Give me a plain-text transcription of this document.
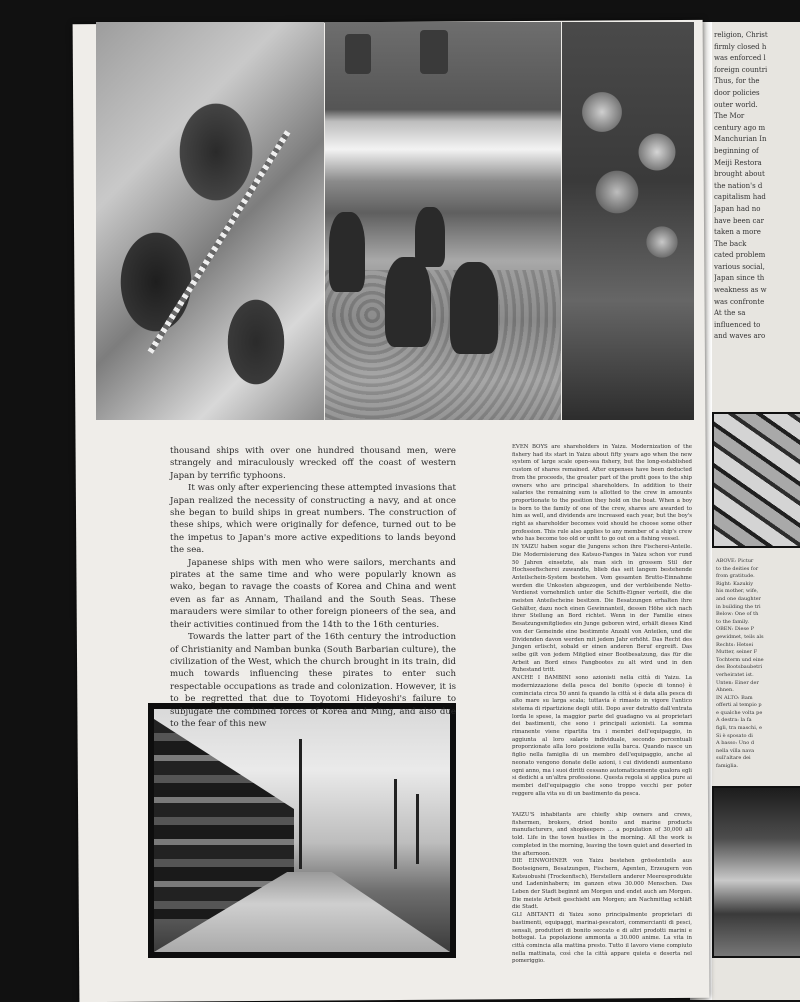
thousand ships with over one hundred thousand men, were strangely and miraculously wrecked off the coast of western Japan by terrific typhoons.

It was only after experiencing these attempted invasions that Japan realized the necessity of constructing a navy, and at once she began to build ships in great numbers. The construction of these ships, which were originally for defence, turned out to be the impetus to Japan's more active expeditions to lands beyond the sea.

Japanese ships with men who were sailors, merchants and pirates at the same time and who were popularly known as wako, began to ravage the coasts of Korea and China and went even as far as Annam, Thailand and the South Seas. These marauders were similar to other foreign pioneers of the sea, and their activities continued from the 14th to the 16th centuries.

Towards the latter part of the 16th century the introduction of Christianity and Namban bunka (South Barbarian culture), the civilization of the West, which the church brought in its train, did much towards influencing these pirates to enter such respectable occupations as trade and colonization. However, it is to be regretted that due to Toyotomi Hideyoshi's failure to subjugate the combined forces of Korea and Ming, and also due to the fear of this new

EVEN BOYS are shareholders in Yaizu. Modernization of the fishery had its start in Yaizu about fifty years ago when the new system of large scale open-sea fishery, but the long-established custom of shares remained. After expenses have been deducted from the proceeds, the greater part of the profit goes to the ship owners who are principal shareholders. In addition to their salaries the remaining sum is allotted to the crew in amounts proportionate to the position they hold on the boat. When a boy is born to the family of one of the crew, shares are awarded to him as well, and dividends are increased each year, but the boy's right as shareholder becomes void should he choose some other profession. This rule also applies to any member of a ship's crew who has become too old or unfit to go out on a fishing vessel.

IN YAIZU haben sogar die Jungens schon ihre Fischerei-Anteile. Die Modernisierung des Katsuo-Fanges in Yaizu schon vor rund 50 Jahren einsetzte, als man sich in grossem Stil der Hochseefischerei zuwandte, blieb das seit langem bestehende Anteilschein-System bestehen. Vom gesamten Brutto-Einnahme werden die Unkosten abgezogen, und der verbleibende Netto-Verdienst vornehmlich unter die Schiffs-Eigner verteilt, die die meisten Anteilscheine besitzen. Die Besatzungen erhalten ihre Gehälter, dazu noch einen Gewinnanteil, dessen Höhe sich nach ihrer Stellung an Bord richtet. Wenn in der Familie eines Besatzungsmitgliedes ein Junge geboren wird, erhält dieses Kind von der Gemeinde eine bestimmte Anzahl von Anteilen, und die Dividenden davon werden mit jedem Jahr erhöht. Das Recht des Jungen erlischt, sobald er einen anderen Beruf ergreift. Das selbe gilt von jedem Mitglied einer Bootbesatzung, das für die Arbeit an Bord eines Fangbootes zu alt wird und in den Ruhestand tritt.

ANCHE I BAMBINI sono azionisti nella città di Yaizu. La modernizzazione della pesca del bonito (specie di tonno) è cominciata circa 50 anni fa quando la città si è data alla pesca di alto mare su larga scala; tuttavia è rimasto in vigore l'antico sistema di ripartizione degli utili. Dopo aver detratto dall'entrata lorda le spese, la maggior parte del guadagno va ai proprietari dei bastimenti, che sono i principali azionisti. La somma rimanente viene ripartita tra i membri dell'equipaggio, in aggiunta al loro salario individuale, secondo percentuali proporzionate alla loro posizione sulla barca. Quando nasce un figlio nella famiglia di un membro dell'equipaggio, anche al neonato vengono donate delle azioni, i cui dividendi aumentano ogni anno, ma i suoi diritti cessano automaticamente qualora egli si dedichi a un'altra professione. Questa regola si applica pure ai membri dell'equipaggio che sono troppo vecchi per poter reggere alla vita su di un bastimento da pesca.

YAIZU'S inhabitants are chiefly ship owners and crews, fishermen, brokers, dried bonito and marine products manufacturers, and shopkeepers ... a population of 30,000 all told. Life in the town hustles in the morning. All the work is completed in the morning, leaving the town quiet and deserted in the afternoon.

DIE EINWOHNER von Yaizu bestehen grösstenteils aus Bootseignern, Besatzungen, Fischern, Agenten, Erzeugern von Katsuobushi (Trockenfisch), Herstellern anderer Meeresprodukte und Ladeninhabern; im ganzen etwa 30.000 Menschen. Das Leben der Stadt beginnt am Morgen und endet auch am Morgen. Die meiste Arbeit geschieht am Morgen; am Nachmittag schläft die Stadt.

GLI ABITANTI di Yaizu sono principalmente proprietari di bastimenti, equipaggi, marinai-pescatori, commercianti di pesci, sensali, produttori di bonito seccato e di altri prodotti marini e bottegai. La popolazione ammonta a 30.000 anime. La vita in città comincia alla mattina presto. Tutto il lavoro viene compiuto nella mattinata, così che la città appare quieta e deserta nel pomeriggio.

religion, Christ
firmly closed h
was enforced l
foreign countri
Thus, for the
door policies
outer world.
The Mor
century ago m
Manchurian In
beginning of
Meiji Restora
brought about
the nation's d
capitalism had
Japan had no
have been car
taken a more
The back
cated problem
various social,
Japan since th
weakness as w
was confronte
At the sa
influenced to
and waves aro
ABOVE: Pictur
to the deities for
from gratitude.
Right: Kazukiy
his mother, wife,
and one daughter
in building the tri
Below: One of th
to the family.
OBEN: Diese P
gewidmet, teils als
Rechts: Hetsei
Mutter, seiner F
Tochterm und eine
des Bootsbaubetri
verheiratet ist.
Unten: Einer der
Ahnen.
IN ALTO: Bam
offerti al tempio p
e qualche volta pe
A destra: la fa
figli, tra maschi, e
Si è sposato di
A basso: Uno d
nella villa nava
sull'altare dei
famiglia.
